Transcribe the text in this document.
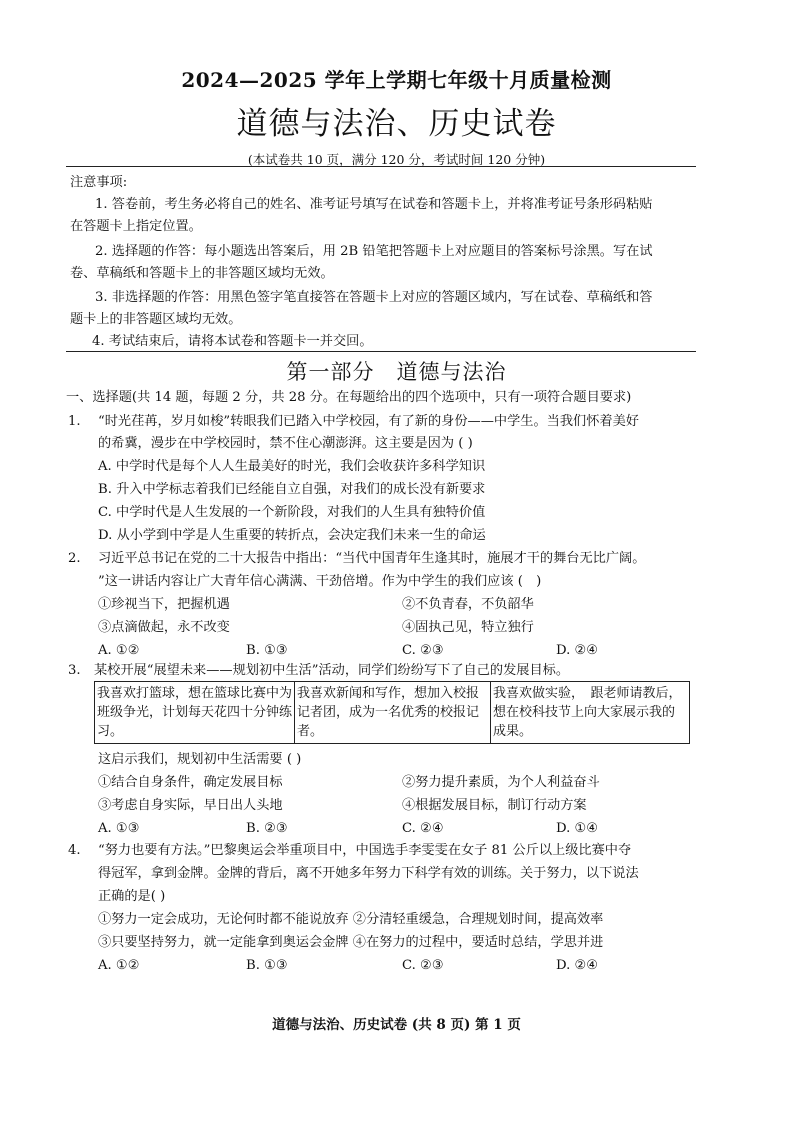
2024—2025 学年上学期七年级十月质量检测
道德与法治、历史试卷
(本试卷共 10 页，满分 120 分，考试时间 120 分钟)
注意事项:
1. 答卷前，考生务必将自己的姓名、准考证号填写在试卷和答题卡上，并将准考证号条形码粘贴
在答题卡上指定位置。
2. 选择题的作答：每小题选出答案后，用 2B 铅笔把答题卡上对应题目的答案标号涂黑。写在试
卷、草稿纸和答题卡上的非答题区域均无效。
3. 非选择题的作答：用黑色签字笔直接答在答题卡上对应的答题区域内，写在试卷、草稿纸和答
题卡上的非答题区域均无效。
4. 考试结束后，请将本试卷和答题卡一并交回。
第一部分　道德与法治
一、选择题(共 14 题，每题 2 分，共 28 分。在每题给出的四个选项中，只有一项符合题目要求)
1. “时光荏苒，岁月如梭”转眼我们已踏入中学校园，有了新的身份——中学生。当我们怀着美好
的希冀，漫步在中学校园时，禁不住心潮澎湃。这主要是因为 ( )
A. 中学时代是每个人人生最美好的时光，我们会收获许多科学知识
B. 升入中学标志着我们已经能自立自强，对我们的成长没有新要求
C. 中学时代是人生发展的一个新阶段，对我们的人生具有独特价值
D. 从小学到中学是人生重要的转折点，会决定我们未来一生的命运
2. 习近平总书记在党的二十大报告中指出：“当代中国青年生逢其时，施展才干的舞台无比广阔。
”这一讲话内容让广大青年信心满满、干劲倍增。作为中学生的我们应该 (　)
①珍视当下，把握机遇	②不负青春，不负韶华
③点滴做起，永不改变	④固执己见，特立独行
A. ①②	B. ①③	C. ②③	D. ②④
3. 某校开展“展望未来——规划初中生活”活动，同学们纷纷写下了自己的发展目标。
我喜欢打篮球，想在篮球比赛中为班级争光，计划每天花四十分钟练习。
我喜欢新闻和写作，想加入校报记者团，成为一名优秀的校报记者。
我喜欢做实验，　跟老师请教后，想在校科技节上向大家展示我的成果。
这启示我们，规划初中生活需要 ( )
①结合自身条件，确定发展目标	②努力提升素质，为个人利益奋斗
③考虑自身实际，早日出人头地	④根据发展目标，制订行动方案
A. ①③	B. ②③	C. ②④	D. ①④
4. “努力也要有方法。”巴黎奥运会举重项目中，中国选手李雯雯在女子 81 公斤以上级比赛中夺
得冠军，拿到金牌。金牌的背后，离不开她多年努力下科学有效的训练。关于努力，以下说法
正确的是( )
①努力一定会成功，无论何时都不能说放弃 ②分清轻重缓急，合理规划时间，提高效率
③只要坚持努力，就一定能拿到奥运会金牌 ④在努力的过程中，要适时总结，学思并进
A. ①②	B. ①③	C. ②③	D. ②④
道德与法治、历史试卷 (共 8 页) 第 1 页
